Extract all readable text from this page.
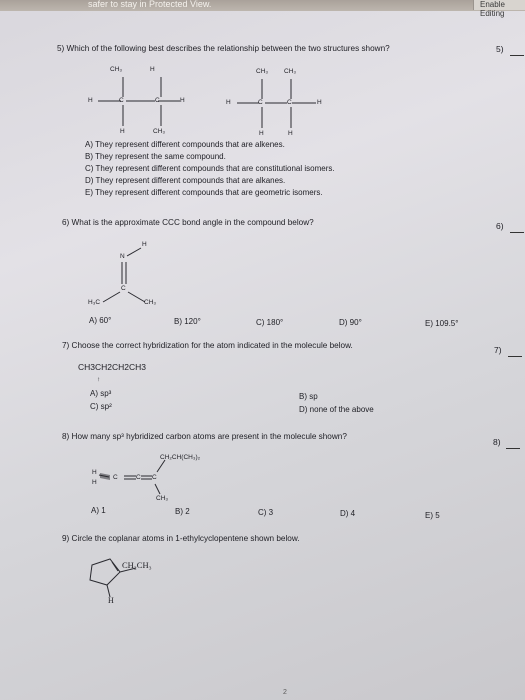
safer to stay in Protected View.	Enable Editing
5) Which of the following best describes the relationship between the two structures shown?	5)
CH₃	H
H	C	C	H
H	CH₃
CH₃ CH₃
H	C	C	H
H	H
A) They represent different compounds that are alkenes.
B) They represent the same compound.
C) They represent different compounds that are constitutional isomers.
D) They represent different compounds that are alkanes.
E) They represent different compounds that are geometric isomers.
6) What is the approximate CCC bond angle in the compound below?	6)
H
N
C
H₃C	CH₃
A) 60°	B) 120°	C) 180°	D) 90°	E) 109.5°
7) Choose the correct hybridization for the atom indicated in the molecule below.	7)
CH3CH2CH2CH3
↑
A) sp³	B) sp
C) sp²	D) none of the above
8) How many sp³ hybridized carbon atoms are present in the molecule shown?
8)
CH₂CH(CH₃)₂
H
H
C	C C
CH₃
A) 1	B) 2	C) 3	D) 4	E) 5
9) Circle the coplanar atoms in 1-ethylcyclopentene shown below.
CH₂CH₃
H
2
